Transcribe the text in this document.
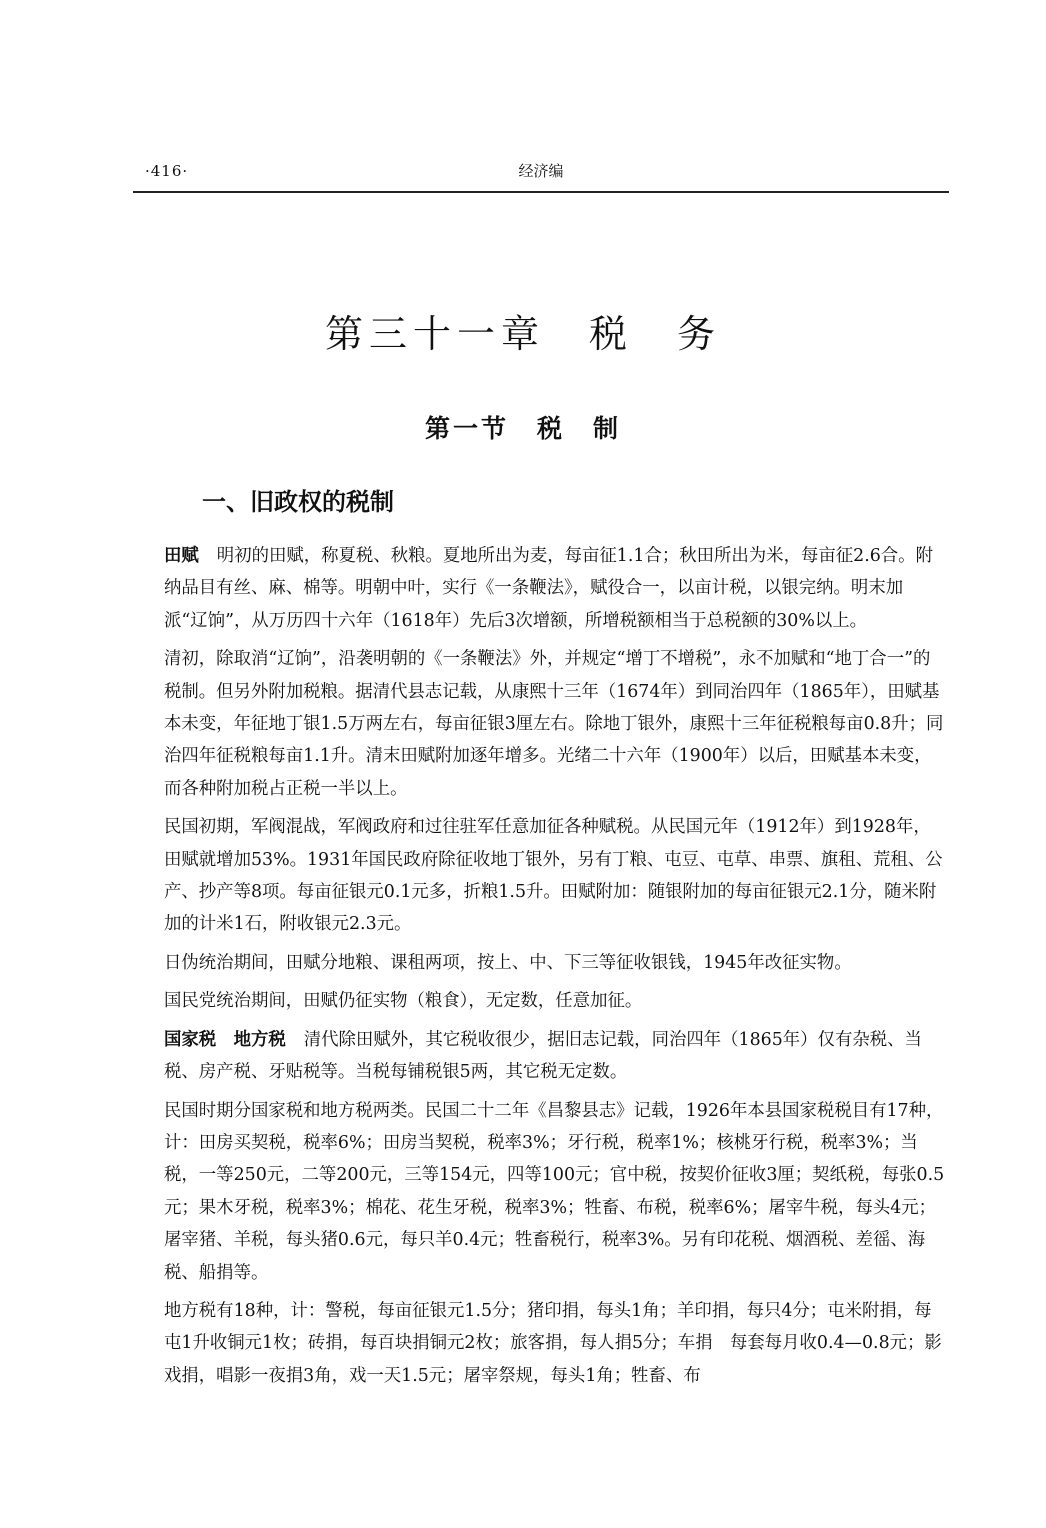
·416·	经济编
第三十一章　税　务
第一节　税　制
一、旧政权的税制

田赋 明初的田赋，称夏税、秋粮。夏地所出为麦，每亩征1.1合；秋田所出为米，每亩征2.6合。附纳品目有丝、麻、棉等。明朝中叶，实行《一条鞭法》，赋役合一，以亩计税，以银完纳。明末加派“辽饷”，从万历四十六年（1618年）先后3次增额，所增税额相当于总税额的30%以上。

清初，除取消“辽饷”，沿袭明朝的《一条鞭法》外，并规定“增丁不增税”，永不加赋和“地丁合一”的税制。但另外附加税粮。据清代县志记载，从康熙十三年（1674年）到同治四年（1865年），田赋基本未变，年征地丁银1.5万两左右，每亩征银3厘左右。除地丁银外，康熙十三年征税粮每亩0.8升；同治四年征税粮每亩1.1升。清末田赋附加逐年增多。光绪二十六年（1900年）以后，田赋基本未变，而各种附加税占正税一半以上。

民国初期，军阀混战，军阀政府和过往驻军任意加征各种赋税。从民国元年（1912年）到1928年，田赋就增加53%。1931年国民政府除征收地丁银外，另有丁粮、屯豆、屯草、串票、旗租、荒租、公产、抄产等8项。每亩征银元0.1元多，折粮1.5升。田赋附加：随银附加的每亩征银元2.1分，随米附加的计米1石，附收银元2.3元。

日伪统治期间，田赋分地粮、课租两项，按上、中、下三等征收银钱，1945年改征实物。

国民党统治期间，田赋仍征实物（粮食），无定数，任意加征。

国家税　地方税 清代除田赋外，其它税收很少，据旧志记载，同治四年（1865年）仅有杂税、当税、房产税、牙贴税等。当税每铺税银5两，其它税无定数。

民国时期分国家税和地方税两类。民国二十二年《昌黎县志》记载，1926年本县国家税税目有17种，计：田房买契税，税率6%；田房当契税，税率3%；牙行税，税率1%；核桃牙行税，税率3%；当税，一等250元，二等200元，三等154元，四等100元；官中税，按契价征收3厘；契纸税，每张0.5元；果木牙税，税率3%；棉花、花生牙税，税率3%；牲畜、布税，税率6%；屠宰牛税，每头4元；屠宰猪、羊税，每头猪0.6元，每只羊0.4元；牲畜税行，税率3%。另有印花税、烟酒税、差徭、海税、船捐等。

地方税有18种，计：警税，每亩征银元1.5分；猪印捐，每头1角；羊印捐，每只4分；屯米附捐，每屯1升收铜元1枚；砖捐，每百块捐铜元2枚；旅客捐，每人捐5分；车捐　每套每月收0.4—0.8元；影戏捐，唱影一夜捐3角，戏一天1.5元；屠宰祭规，每头1角；牲畜、布
